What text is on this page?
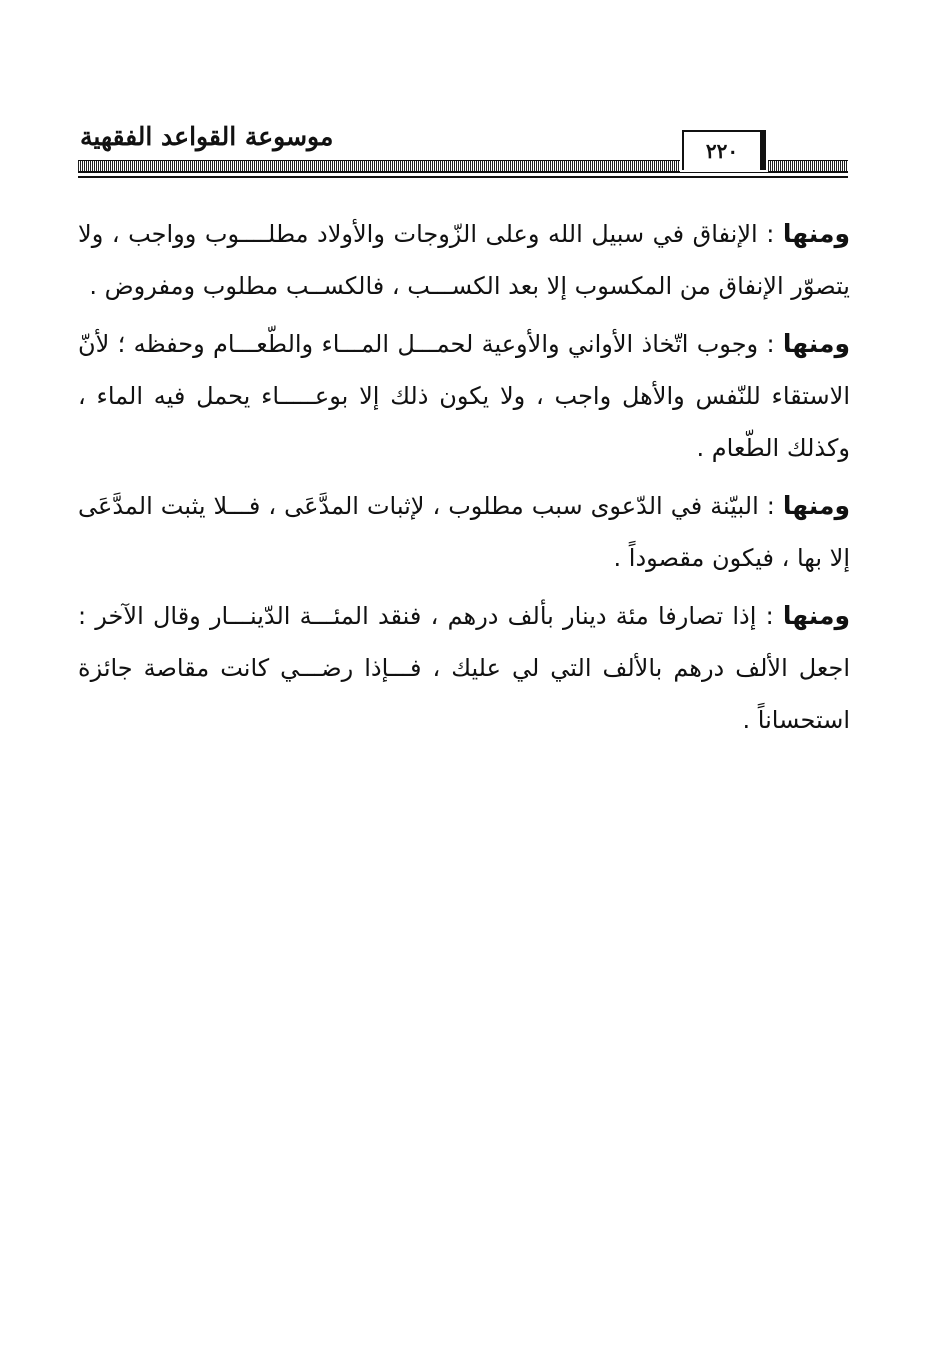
موسوعة القواعد الفقهية	٢٢٠

ومنها : الإنفاق في سبيل الله وعلى الزّوجات والأولاد مطلــــوب وواجب ، ولا يتصوّر الإنفاق من المكسوب إلا بعد الكســـب ، فالكســب مطلوب ومفروض .

ومنها : وجوب اتّخاذ الأواني والأوعية لحمـــل المـــاء والطّعـــام وحفظه ؛ لأنّ الاستقاء للنّفس والأهل واجب ، ولا يكون ذلك إلا بوعـــــاء يحمل فيه الماء ، وكذلك الطّعام .

ومنها : البيّنة في الدّعوى سبب مطلوب ، لإثبات المدَّعَى ، فـــلا يثبت المدَّعَى إلا بها ، فيكون مقصوداً .

ومنها : إذا تصارفا مئة دينار بألف درهم ، فنقد المئـــة الدّينـــار وقال الآخر : اجعل الألف درهم بالألف التي لي عليك ، فـــإذا رضـــي كانت مقاصة جائزة استحساناً .
